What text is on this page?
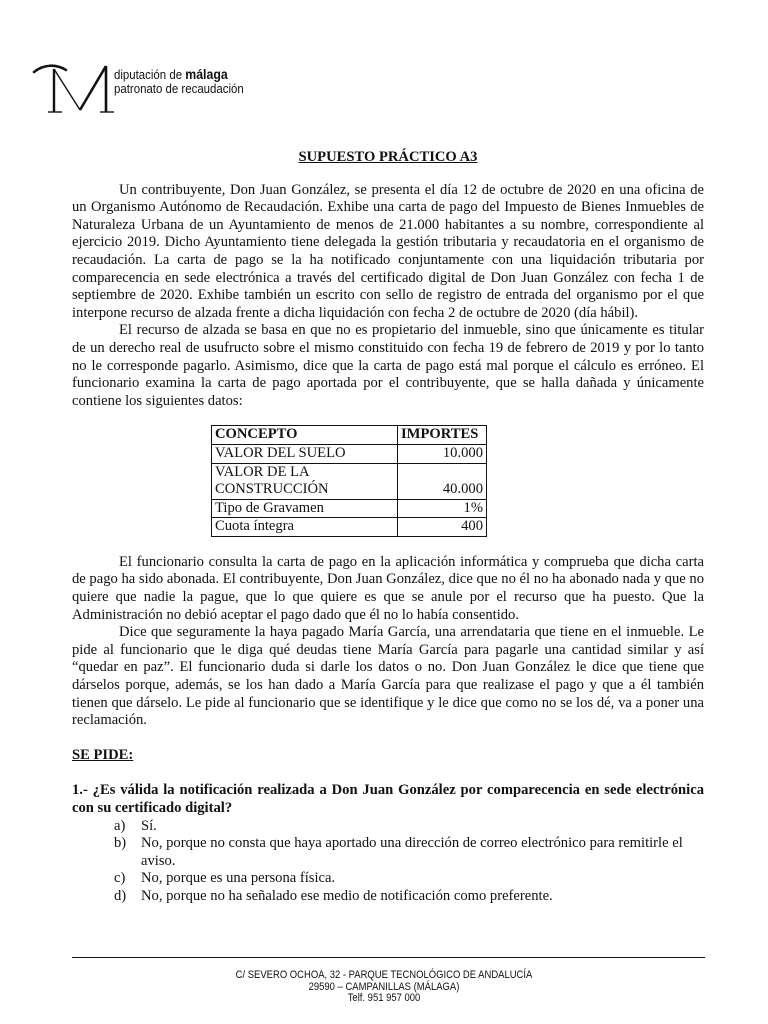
diputación de málaga
patronato de recaudación

SUPUESTO PRÁCTICO A3

Un contribuyente, Don Juan González, se presenta el día 12 de octubre de 2020 en una oficina de un Organismo Autónomo de Recaudación. Exhibe una carta de pago del Impuesto de Bienes Inmuebles de Naturaleza Urbana de un Ayuntamiento de menos de 21.000 habitantes a su nombre, correspondiente al ejercicio 2019. Dicho Ayuntamiento tiene delegada la gestión tributaria y recaudatoria en el organismo de recaudación. La carta de pago se la ha notificado conjuntamente con una liquidación tributaria por comparecencia en sede electrónica a través del certificado digital de Don Juan González con fecha 1 de septiembre de 2020. Exhibe también un escrito con sello de registro de entrada del organismo por el que interpone recurso de alzada frente a dicha liquidación con fecha 2 de octubre de 2020 (día hábil).

El recurso de alzada se basa en que no es propietario del inmueble, sino que únicamente es titular de un derecho real de usufructo sobre el mismo constituido con fecha 19 de febrero de 2019 y por lo tanto no le corresponde pagarlo. Asimismo, dice que la carta de pago está mal porque el cálculo es erróneo. El funcionario examina la carta de pago aportada por el contribuyente, que se halla dañada y únicamente contiene los siguientes datos:

CONCEPTO	IMPORTES
VALOR DEL SUELO	10.000
VALOR DE LA CONSTRUCCIÓN	40.000
Tipo de Gravamen	1%
Cuota íntegra	400

El funcionario consulta la carta de pago en la aplicación informática y comprueba que dicha carta de pago ha sido abonada. El contribuyente, Don Juan González, dice que no él no ha abonado nada y que no quiere que nadie la pague, que lo que quiere es que se anule por el recurso que ha puesto. Que la Administración no debió aceptar el pago dado que él no lo había consentido.

Dice que seguramente la haya pagado María García, una arrendataria que tiene en el inmueble. Le pide al funcionario que le diga qué deudas tiene María García para pagarle una cantidad similar y así “quedar en paz”. El funcionario duda si darle los datos o no. Don Juan González le dice que tiene que dárselos porque, además, se los han dado a María García para que realizase el pago y que a él también tienen que dárselo. Le pide al funcionario que se identifique y le dice que como no se los dé, va a poner una reclamación.

SE PIDE:

1.- ¿Es válida la notificación realizada a Don Juan González por comparecencia en sede electrónica con su certificado digital?

a) Sí.
b) No, porque no consta que haya aportado una dirección de correo electrónico para remitirle el aviso.
c) No, porque es una persona física.
d) No, porque no ha señalado ese medio de notificación como preferente.
C/ SEVERO OCHOA, 32 - PARQUE TECNOLÓGICO DE ANDALUCÍA
29590 – CAMPANILLAS (MÁLAGA)
Telf. 951 957 000
